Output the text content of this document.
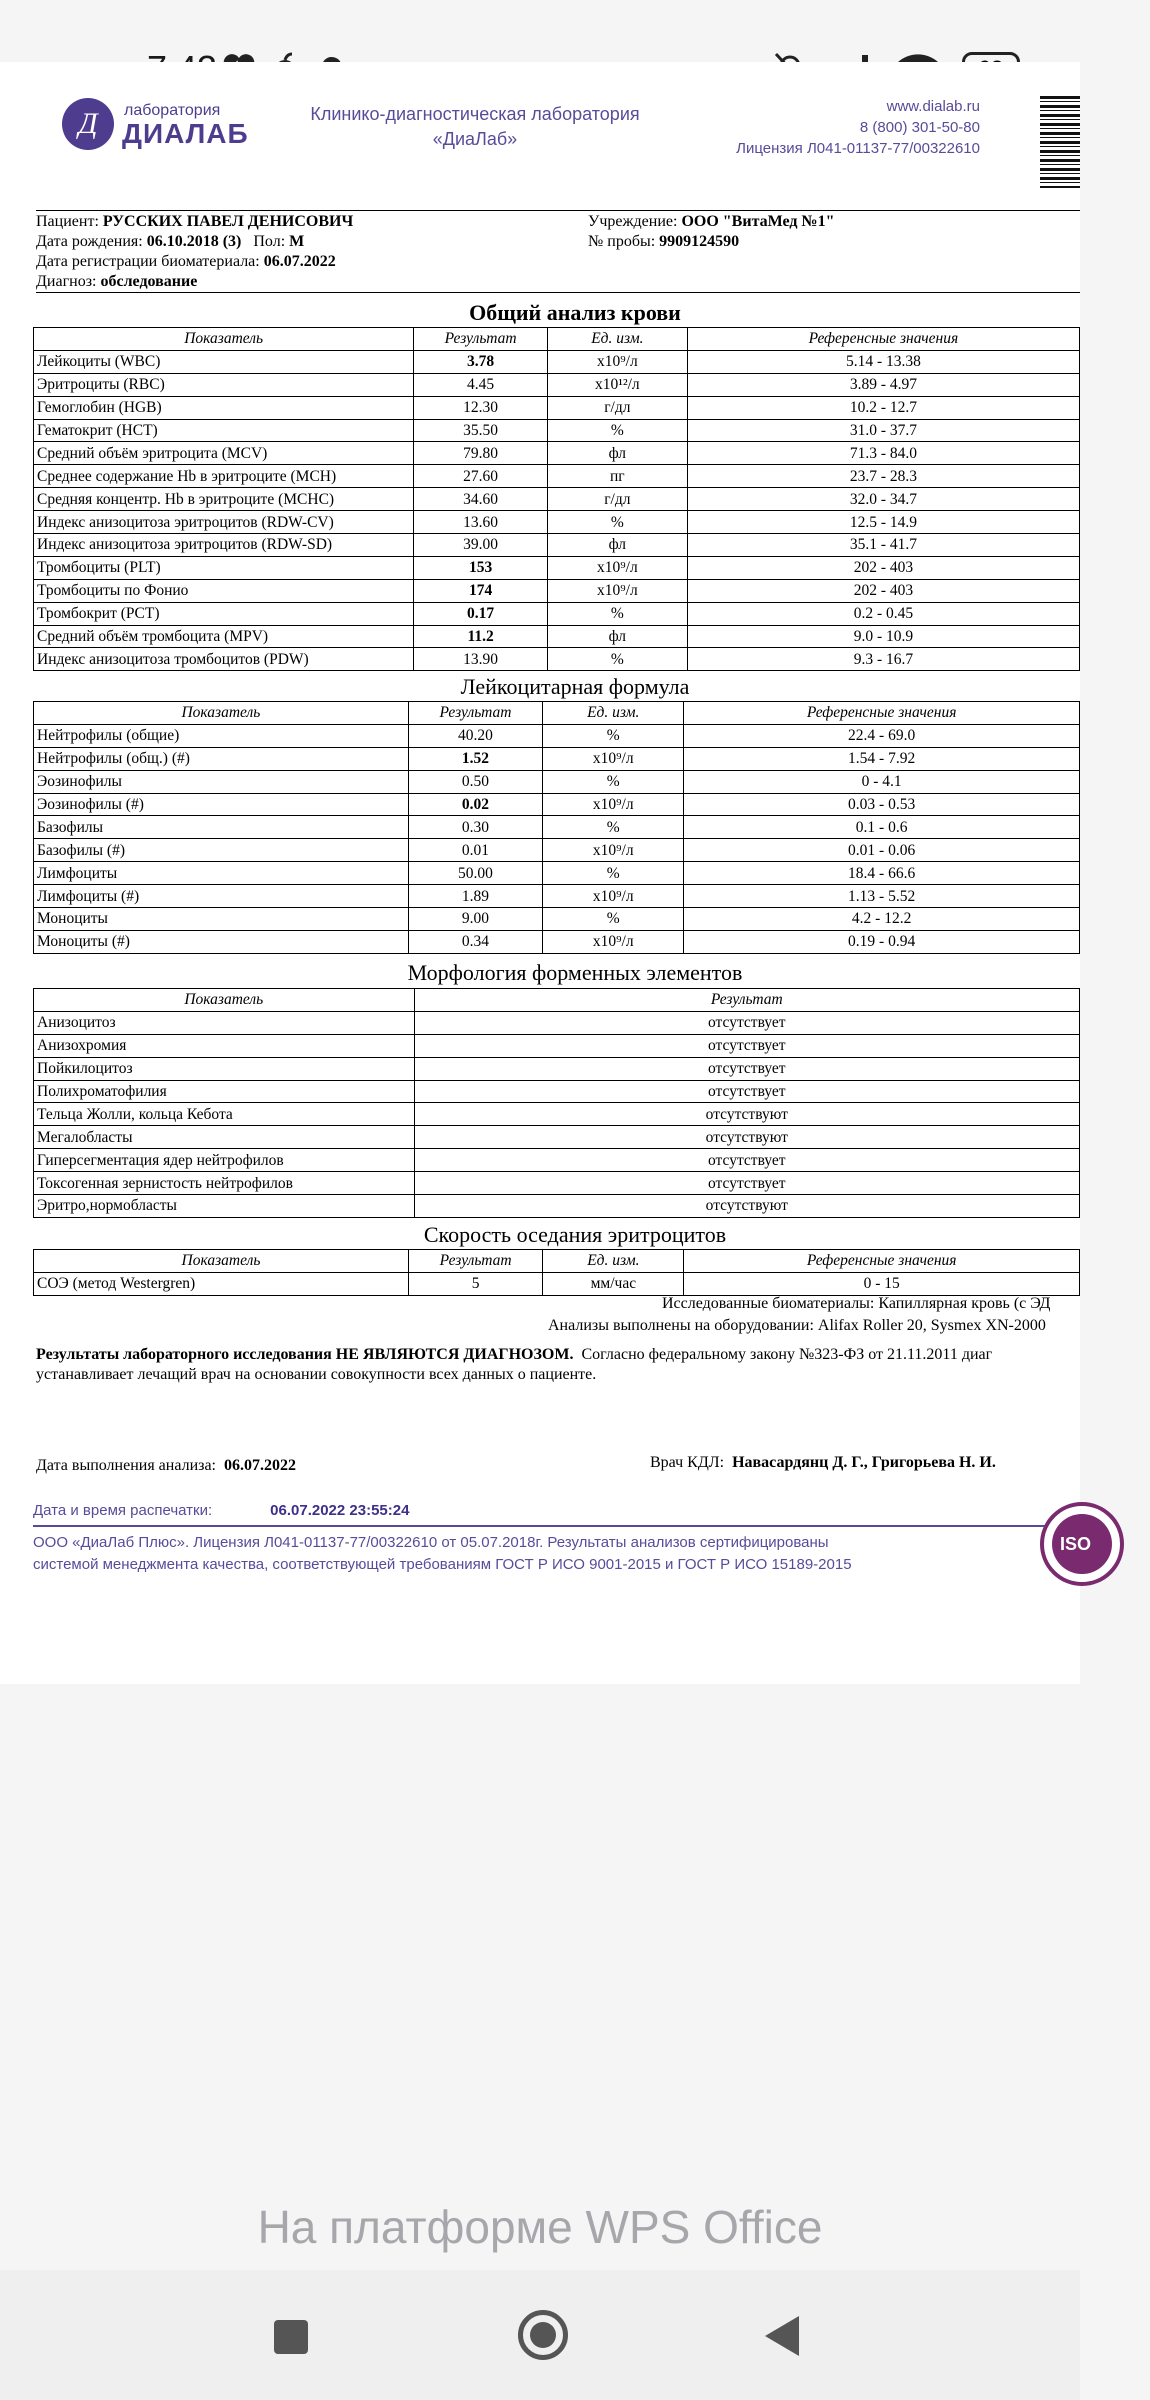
Д	лаборатория
ДИАЛАБ
Клинико-диагностическая лаборатория
«ДиаЛаб»
www.dialab.ru
8 (800) 301-50-80
Лицензия Л041-01137-77/00322610
Пациент: РУССКИХ ПАВЕЛ ДЕНИСОВИЧ
Дата рождения: 06.10.2018 (3) Пол: М
Дата регистрации биоматериала: 06.07.2022
Диагноз: обследование
Учреждение: ООО "ВитаМед №1"
№ пробы: 9909124590
Общий анализ крови
Показатель	Результат	Ед. изм.	Референсные значения
Лейкоциты (WBC)	3.78	х10⁹/л	5.14 - 13.38
Эритроциты (RBC)	4.45	х10¹²/л	3.89 - 4.97
Гемоглобин (HGB)	12.30	г/дл	10.2 - 12.7
Гематокрит (HCT)	35.50	%	31.0 - 37.7
Средний объём эритроцита (MCV)	79.80	фл	71.3 - 84.0
Среднее содержание Hb в эритроците (MCH)	27.60	пг	23.7 - 28.3
Средняя концентр. Hb в эритроците (MCHC)	34.60	г/дл	32.0 - 34.7
Индекс анизоцитоза эритроцитов (RDW-CV)	13.60	%	12.5 - 14.9
Индекс анизоцитоза эритроцитов (RDW-SD)	39.00	фл	35.1 - 41.7
Тромбоциты (PLT)	153	х10⁹/л	202 - 403
Тромбоциты по Фонио	174	х10⁹/л	202 - 403
Тромбокрит (PCT)	0.17	%	0.2 - 0.45
Средний объём тромбоцита (MPV)	11.2	фл	9.0 - 10.9
Индекс анизоцитоза тромбоцитов (PDW)	13.90	%	9.3 - 16.7
Лейкоцитарная формула
Показатель	Результат	Ед. изм.	Референсные значения
Нейтрофилы (общие)	40.20	%	22.4 - 69.0
Нейтрофилы (общ.) (#)	1.52	х10⁹/л	1.54 - 7.92
Эозинофилы	0.50	%	0 - 4.1
Эозинофилы (#)	0.02	х10⁹/л	0.03 - 0.53
Базофилы	0.30	%	0.1 - 0.6
Базофилы (#)	0.01	х10⁹/л	0.01 - 0.06
Лимфоциты	50.00	%	18.4 - 66.6
Лимфоциты (#)	1.89	х10⁹/л	1.13 - 5.52
Моноциты	9.00	%	4.2 - 12.2
Моноциты (#)	0.34	х10⁹/л	0.19 - 0.94
Морфология форменных элементов
Показатель	Результат
Анизоцитоз	отсутствует
Анизохромия	отсутствует
Пойкилоцитоз	отсутствует
Полихроматофилия	отсутствует
Тельца Жолли, кольца Кебота	отсутствуют
Мегалобласты	отсутствуют
Гиперсегментация ядер нейтрофилов	отсутствует
Токсогенная зернистость нейтрофилов	отсутствует
Эритро,нормобласты	отсутствуют
Скорость оседания эритроцитов
Показатель	Результат	Ед. изм.	Референсные значения
СОЭ (метод Westergren)	5	мм/час	0 - 15
Исследованные биоматериалы: Капиллярная кровь (с ЭД
Анализы выполнены на оборудовании: Alifax Roller 20, Sysmex XN-2000
Результаты лабораторного исследования НЕ ЯВЛЯЮТСЯ ДИАГНОЗОМ. Согласно федеральному закону №323-ФЗ от 21.11.2011 диаг
устанавливает лечащий врач на основании совокупности всех данных о пациенте.
Дата выполнения анализа: 06.07.2022	Врач КДЛ: Навасардянц Д. Г., Григорьева Н. И.
Дата и время распечатки:	06.07.2022 23:55:24
ООО «ДиаЛаб Плюс». Лицензия Л041-01137-77/00322610 от 05.07.2018г. Результаты анализов сертифицированы
системой менеджмента качества, соответствующей требованиям ГОСТ Р ИСО 9001-2015 и ГОСТ Р ИСО 15189-2015
ISO
На платформе WPS Office
